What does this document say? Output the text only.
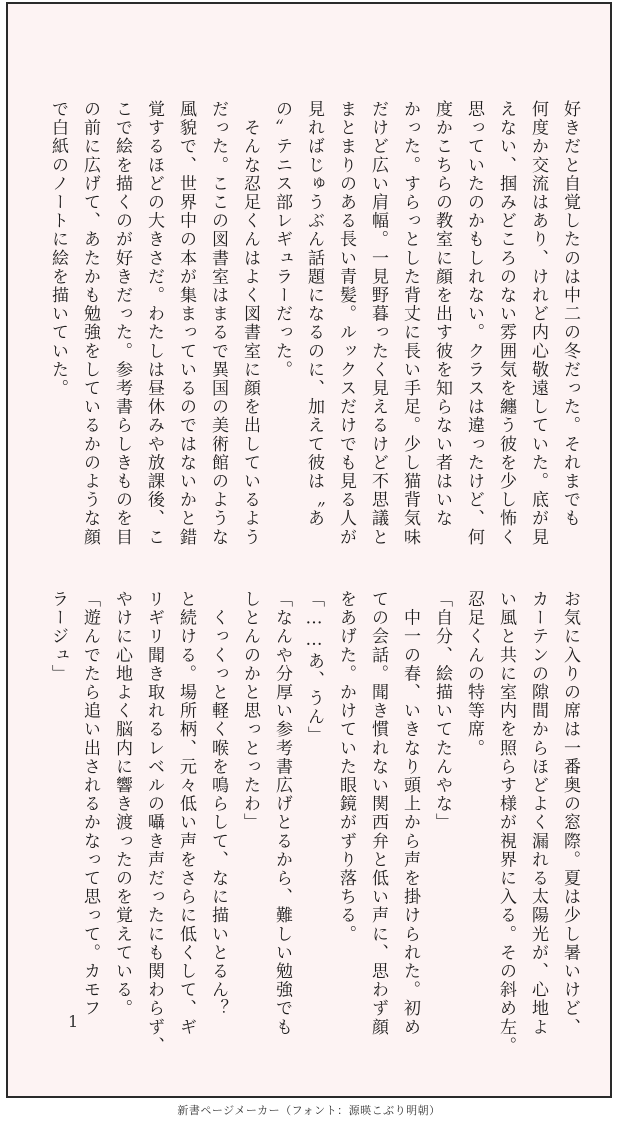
好きだと自覚したのは中二の冬だった。それまでも
何度か交流はあり、けれど内心敬遠していた。底が見
えない、掴みどころのない雰囲気を纏う彼を少し怖く
思っていたのかもしれない。クラスは違ったけど、何
度かこちらの教室に顔を出す彼を知らない者はいな
かった。すらっとした背丈に長い手足。少し猫背気味
だけど広い肩幅。一見野暮ったく見えるけど不思議と
まとまりのある長い青髪。ルックスだけでも見る人が
見ればじゅうぶん話題になるのに、加えて彼は〝あ
の〟テニス部レギュラーだった。
　そんな忍足くんはよく図書室に顔を出しているよう
だった。ここの図書室はまるで異国の美術館のような
風貌で、世界中の本が集まっているのではないかと錯
覚するほどの大きさだ。わたしは昼休みや放課後、こ
こで絵を描くのが好きだった。参考書らしきものを目
の前に広げて、あたかも勉強をしているかのような顔
で白紙のノートに絵を描いていた。
お気に入りの席は一番奥の窓際。夏は少し暑いけど、
カーテンの隙間からほどよく漏れる太陽光が、心地よ
い風と共に室内を照らす様が視界に入る。その斜め左。
忍足くんの特等席。
「自分、絵描いてたんやな」
　中一の春、いきなり頭上から声を掛けられた。初め
ての会話。聞き慣れない関西弁と低い声に、思わず顔
をあげた。かけていた眼鏡がずり落ちる。
「……あ、うん」
「なんや分厚い参考書広げとるから、難しい勉強でも
しとんのかと思っとったわ」
　くっくっと軽く喉を鳴らして、なに描いとるん？
と続ける。場所柄、元々低い声をさらに低くして、ギ
リギリ聞き取れるレベルの囁き声だったにも関わらず、
やけに心地よく脳内に響き渡ったのを覚えている。
「遊んでたら追い出されるかなって思って。カモフ
ラージュ」
1
新書ページメーカー（フォント：源暎こぶり明朝）
